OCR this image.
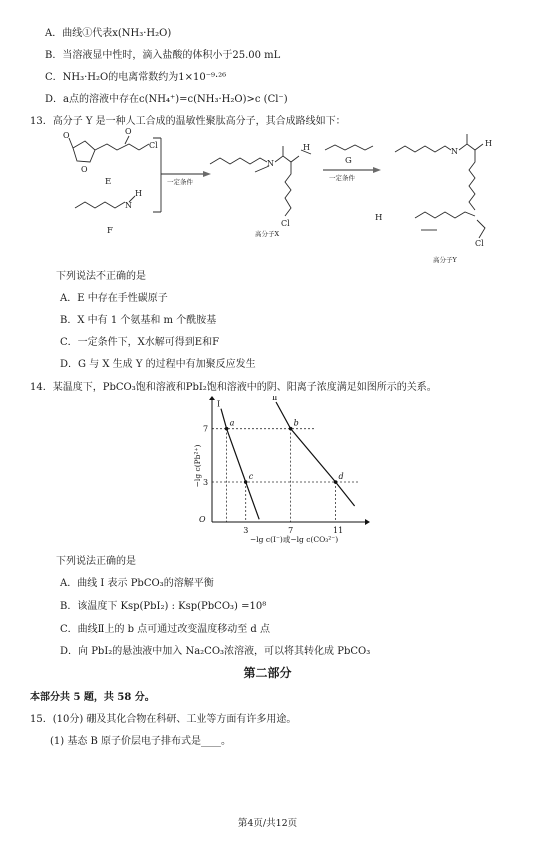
A．曲线①代表x(NH₃·H₂O)
B．当溶液显中性时，滴入盐酸的体积小于25.00 mL
C．NH₃·H₂O的电离常数约为1×10⁻⁹·²⁶
D．a点的溶液中存在c(NH₄⁺)=c(NH₃·H₂O)>c (Cl⁻)
13．高分子 Y 是一种人工合成的温敏性聚肽高分子，其合成路线如下：
O
O
O
Cl
N
H
N
H
Cl
N
H
Cl
E
F
G
H
一定条件	一定条件
高分子X
高分子Y
下列说法不正确的是
A．E 中存在手性碳原子
B．X 中有 1 个氨基和 m 个酰胺基
C．一定条件下，X水解可得到E和F
D．G 与 X 生成 Y 的过程中有加聚反应发生
14．某温度下，PbCO₃饱和溶液和PbI₂饱和溶液中的阴、阳离子浓度满足如图所示的关系。
a	b
c	d
Ⅰ
Ⅱ
3	7	11
3
7
O
−lg c(I⁻)或−lg c(CO₃²⁻)
−lg c(Pb²⁺)
下列说法正确的是
A．曲线 I 表示 PbCO₃的溶解平衡
B．该温度下 Ksp(PbI₂) : Ksp(PbCO₃) =10⁸
C．曲线Ⅱ上的 b 点可通过改变温度移动至 d 点
D．向 PbI₂的悬浊液中加入 Na₂CO₃浓溶液，可以将其转化成 PbCO₃
第二部分
本部分共 5 题，共 58 分。
15．(10分) 硼及其化合物在科研、工业等方面有许多用途。
(1) 基态 B 原子价层电子排布式是____。
第4页/共12页
